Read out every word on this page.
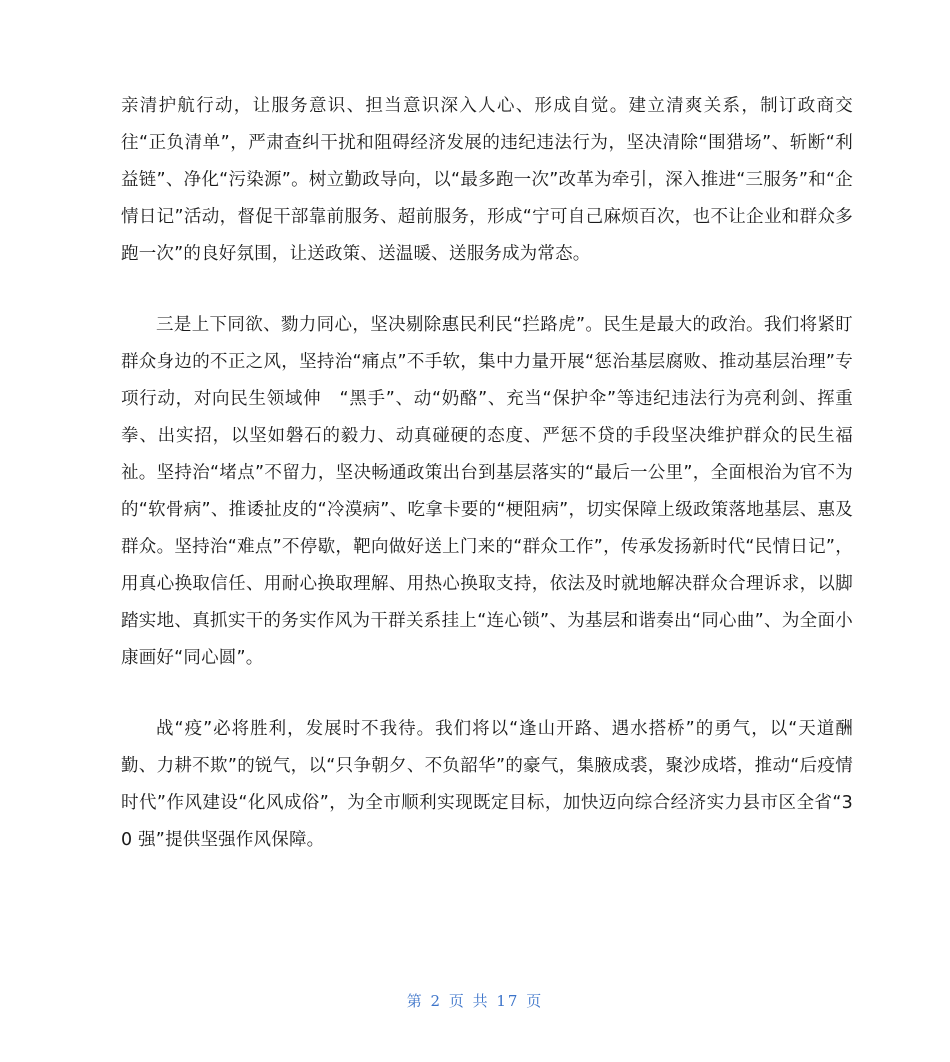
亲清护航行动，让服务意识、担当意识深入人心、形成自觉。建立清爽关系，制订政商交往“正负清单”，严肃查纠干扰和阻碍经济发展的违纪违法行为，坚决清除“围猎场”、斩断“利益链”、净化“污染源”。树立勤政导向，以“最多跑一次”改革为牵引，深入推进“三服务”和“企情日记”活动，督促干部靠前服务、超前服务，形成“宁可自己麻烦百次，也不让企业和群众多跑一次”的良好氛围，让送政策、送温暖、送服务成为常态。

三是上下同欲、勠力同心，坚决剔除惠民利民“拦路虎”。民生是最大的政治。我们将紧盯群众身边的不正之风，坚持治“痛点”不手软，集中力量开展“惩治基层腐败、推动基层治理”专项行动，对向民生领域伸　“黑手”、动“奶酪”、充当“保护伞”等违纪违法行为亮利剑、挥重拳、出实招，以坚如磐石的毅力、动真碰硬的态度、严惩不贷的手段坚决维护群众的民生福祉。坚持治“堵点”不留力，坚决畅通政策出台到基层落实的“最后一公里”，全面根治为官不为的“软骨病”、推诿扯皮的“冷漠病”、吃拿卡要的“梗阻病”，切实保障上级政策落地基层、惠及群众。坚持治“难点”不停歇，靶向做好送上门来的“群众工作”，传承发扬新时代“民情日记”，用真心换取信任、用耐心换取理解、用热心换取支持，依法及时就地解决群众合理诉求，以脚踏实地、真抓实干的务实作风为干群关系挂上“连心锁”、为基层和谐奏出“同心曲”、为全面小康画好“同心圆”。

战“疫”必将胜利，发展时不我待。我们将以“逢山开路、遇水搭桥”的勇气，以“天道酬勤、力耕不欺”的锐气，以“只争朝夕、不负韶华”的豪气，集腋成裘，聚沙成塔，推动“后疫情时代”作风建设“化风成俗”，为全市顺利实现既定目标，加快迈向综合经济实力县市区全省“30 强”提供坚强作风保障。

第 2 页 共 17 页
